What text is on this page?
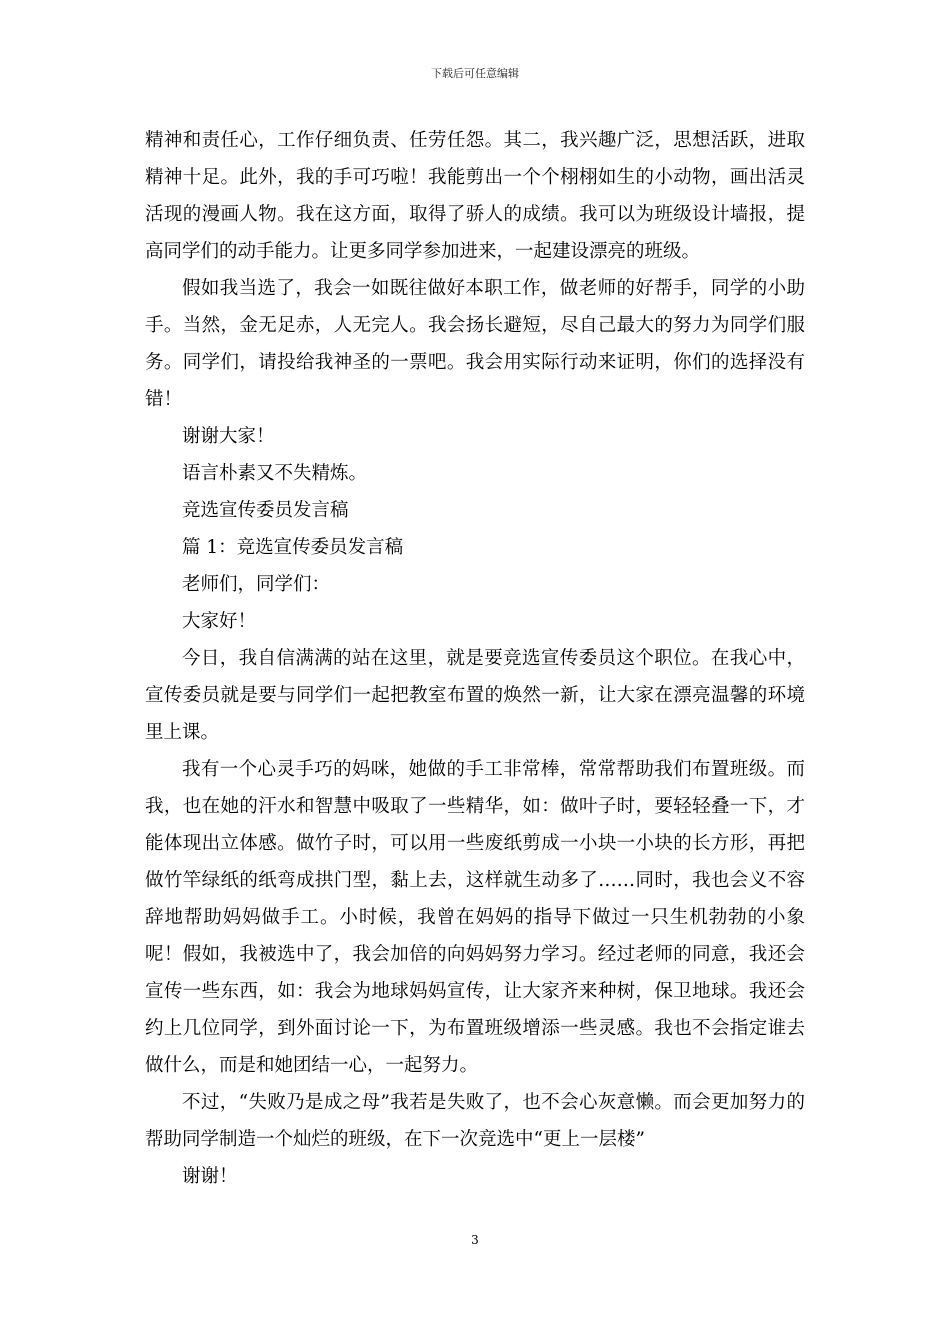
下载后可任意编辑

精神和责任心，工作仔细负责、任劳任怨。其二，我兴趣广泛，思想活跃，进取精神十足。此外，我的手可巧啦！我能剪出一个个栩栩如生的小动物，画出活灵活现的漫画人物。我在这方面，取得了骄人的成绩。我可以为班级设计墙报，提高同学们的动手能力。让更多同学参加进来，一起建设漂亮的班级。

假如我当选了，我会一如既往做好本职工作，做老师的好帮手，同学的小助手。当然，金无足赤，人无完人。我会扬长避短，尽自己最大的努力为同学们服务。同学们，请投给我神圣的一票吧。我会用实际行动来证明，你们的选择没有错！

谢谢大家！

语言朴素又不失精炼。

竞选宣传委员发言稿

篇 1：竞选宣传委员发言稿

老师们，同学们：

大家好！

今日，我自信满满的站在这里，就是要竞选宣传委员这个职位。在我心中，宣传委员就是要与同学们一起把教室布置的焕然一新，让大家在漂亮温馨的环境里上课。

我有一个心灵手巧的妈咪，她做的手工非常棒，常常帮助我们布置班级。而我，也在她的汗水和智慧中吸取了一些精华，如：做叶子时，要轻轻叠一下，才能体现出立体感。做竹子时，可以用一些废纸剪成一小块一小块的长方形，再把做竹竿绿纸的纸弯成拱门型，黏上去，这样就生动多了……同时，我也会义不容辞地帮助妈妈做手工。小时候，我曾在妈妈的指导下做过一只生机勃勃的小象呢！假如，我被选中了，我会加倍的向妈妈努力学习。经过老师的同意，我还会宣传一些东西，如：我会为地球妈妈宣传，让大家齐来种树，保卫地球。我还会约上几位同学，到外面讨论一下，为布置班级增添一些灵感。我也不会指定谁去做什么，而是和她团结一心，一起努力。

不过，“失败乃是成之母”我若是失败了，也不会心灰意懒。而会更加努力的帮助同学制造一个灿烂的班级，在下一次竞选中“更上一层楼”

谢谢！

3
